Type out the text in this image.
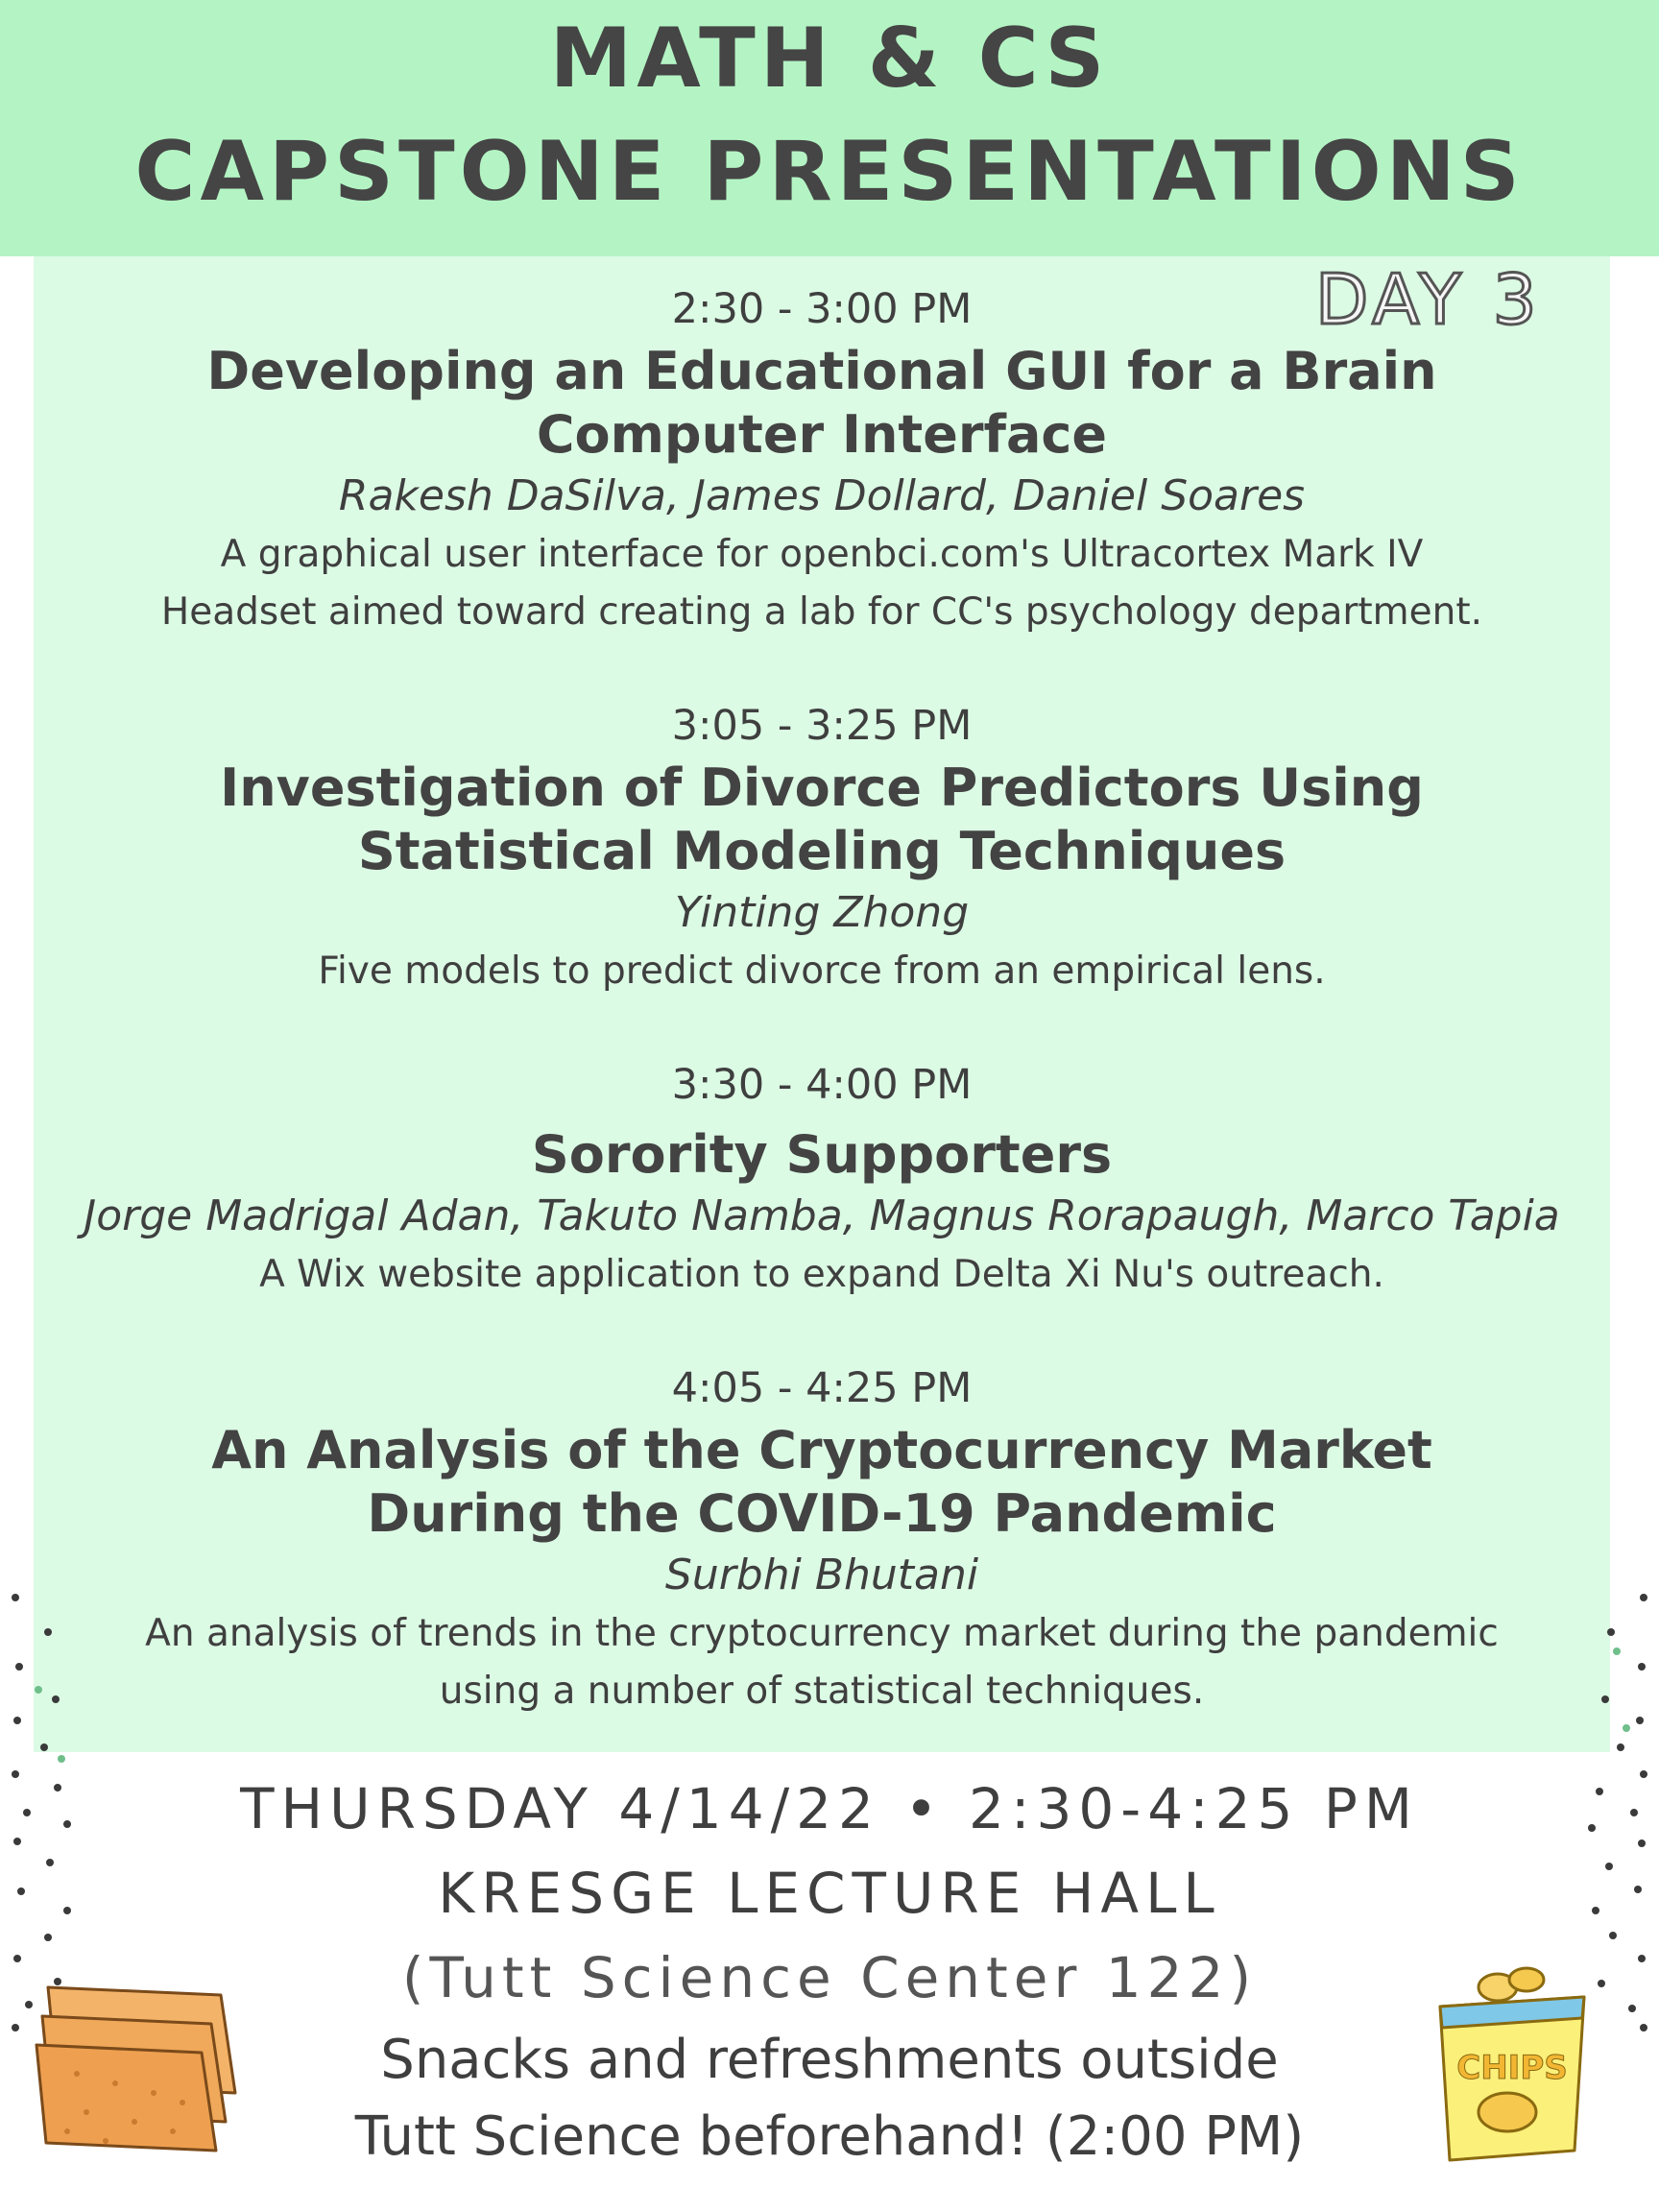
MATH & CS
CAPSTONE PRESENTATIONS
DAY 3
2:30 - 3:00 PM
Developing an Educational GUI for a Brain
Computer Interface
Rakesh DaSilva, James Dollard, Daniel Soares
A graphical user interface for openbci.com's Ultracortex Mark IV
Headset aimed toward creating a lab for CC's psychology department.
3:05 - 3:25 PM
Investigation of Divorce Predictors Using
Statistical Modeling Techniques
Yinting Zhong
Five models to predict divorce from an empirical lens.
3:30 - 4:00 PM
Sorority Supporters
Jorge Madrigal Adan, Takuto Namba, Magnus Rorapaugh, Marco Tapia
A Wix website application to expand Delta Xi Nu's outreach.
4:05 - 4:25 PM
An Analysis of the Cryptocurrency Market
During the COVID-19 Pandemic
Surbhi Bhutani
An analysis of trends in the cryptocurrency market during the pandemic
using a number of statistical techniques.
THURSDAY 4/14/22 • 2:30-4:25 PM
KRESGE LECTURE HALL
(Tutt Science Center 122)
Snacks and refreshments outside
Tutt Science beforehand! (2:00 PM)
CHIPS
